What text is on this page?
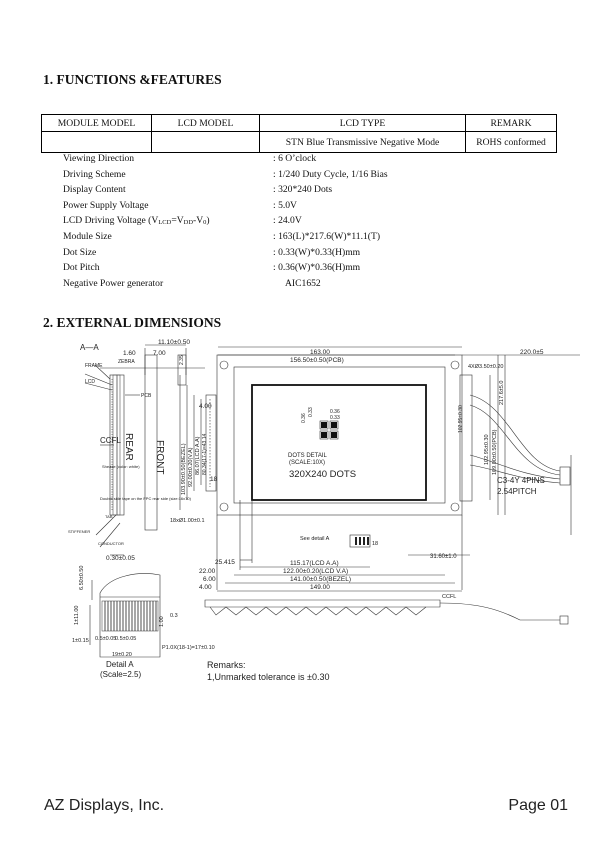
1. FUNCTIONS &FEATURES
MODULE MODEL	LCD MODEL	LCD TYPE	REMARK
		STN Blue Transmissive Negative Mode	ROHS conformed
Viewing Direction	: 6 O’clock
Driving Scheme	: 1/240 Duty Cycle, 1/16 Bias
Display Content	: 320*240 Dots
Power Supply Voltage	: 5.0V
LCD Driving Voltage $(V_{LCD}=V_{DD}-V_0)$	: 24.0V
Module Size	: 163(L)*217.6(W)*11.1(T)
Dot Size	: 0.33(W)*0.33(H)mm
Dot Pitch	: 0.36(W)*0.36(H)mm
Negative Power generator	AIC1652
2. EXTERNAL DIMENSIONS
A—A
FRAME
ZEBRA
LCD
PCB
CCFL
Shease (color: white)
Double side tape on the FPC rear side (size:16x70)
TAB
STIFFENER
CONDUCTOR
REAR FRONT
11.10±0.50
1.60	7.00
2.35
0.30±0.05
163.00
156.50±0.50(PCB)
4XØ3.50±0.20
220.0±5
4.00
0.36
0.33	0.36
0.33
103.90±0.50(BEZEL) 92.00±0.20(V.A) 86.07(LCD A.A) 80.34(17-1)=43.14	102.95±0.30 109.00±0.50(PCB)
217.6±5.0
18
18xØ1.00±0.1
DOTS DETAIL
(SCALE:10X)
320X240 DOTS
102.95±0.30
See detail A
18
31.60±1.0
C3-4Y 4PINS
2.54PITCH
25.415	115.17(LCD A.A)
22.00	122.00±0.20(LCD V.A)
6.00	141.00±0.50(BEZEL)
4.00	149.00
CCFL
6.50±0.50
1.00
1±11.00
0.5±0.05
0.5±0.05
1±0.15
P1.0X(18-1)=17±0.10
19±0.20
0.3
Detail A
(Scale=2.5)
Remarks:
1,Unmarked tolerance is ±0.30
AZ Displays, Inc.	Page 01
